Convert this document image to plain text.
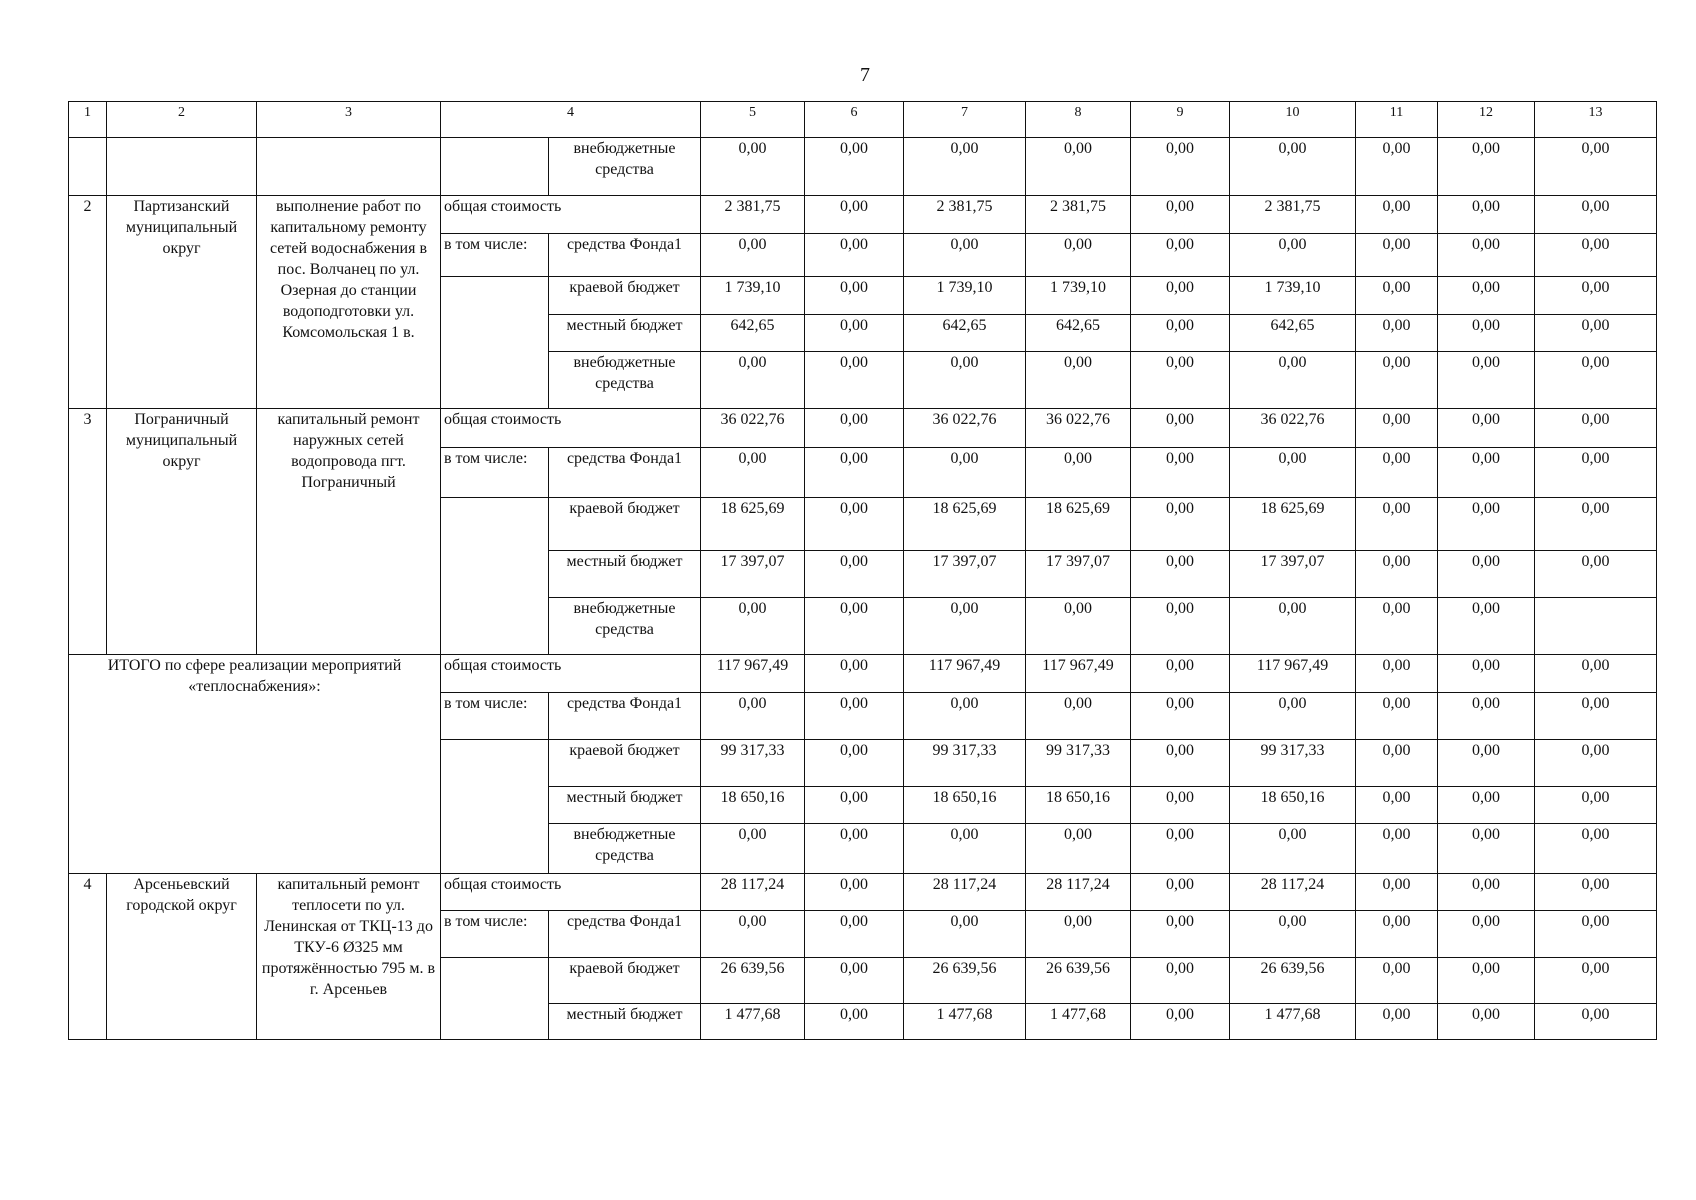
7
1	2	3	4		5	6	7	8	9	10	11	12	13
				внебюджетные средства	0,00	0,00	0,00	0,00	0,00	0,00	0,00	0,00	0,00
2	Партизанский муниципальный округ	выполнение работ по капитальному ремонту сетей водоснабжения в пос. Волчанец по ул. Озерная до станции водоподготовки ул. Комсомольская 1 в.	общая стоимость		2 381,75	0,00	2 381,75	2 381,75	0,00	2 381,75	0,00	0,00	0,00
			в том числе:	средства Фонда1	0,00	0,00	0,00	0,00	0,00	0,00	0,00	0,00	0,00
				краевой бюджет	1 739,10	0,00	1 739,10	1 739,10	0,00	1 739,10	0,00	0,00	0,00
				местный бюджет	642,65	0,00	642,65	642,65	0,00	642,65	0,00	0,00	0,00
				внебюджетные средства	0,00	0,00	0,00	0,00	0,00	0,00	0,00	0,00	0,00
3	Пограничный муниципальный округ	капитальный ремонт наружных сетей водопровода пгт. Пограничный	общая стоимость		36 022,76	0,00	36 022,76	36 022,76	0,00	36 022,76	0,00	0,00	0,00
			в том числе:	средства Фонда1	0,00	0,00	0,00	0,00	0,00	0,00	0,00	0,00	0,00
				краевой бюджет	18 625,69	0,00	18 625,69	18 625,69	0,00	18 625,69	0,00	0,00	0,00
				местный бюджет	17 397,07	0,00	17 397,07	17 397,07	0,00	17 397,07	0,00	0,00	0,00
				внебюджетные средства	0,00	0,00	0,00	0,00	0,00	0,00	0,00	0,00	
ИТОГО по сфере реализации мероприятий «теплоснабжения»:			общая стоимость		117 967,49	0,00	117 967,49	117 967,49	0,00	117 967,49	0,00	0,00	0,00
			в том числе:	средства Фонда1	0,00	0,00	0,00	0,00	0,00	0,00	0,00	0,00	0,00
				краевой бюджет	99 317,33	0,00	99 317,33	99 317,33	0,00	99 317,33	0,00	0,00	0,00
				местный бюджет	18 650,16	0,00	18 650,16	18 650,16	0,00	18 650,16	0,00	0,00	0,00
				внебюджетные средства	0,00	0,00	0,00	0,00	0,00	0,00	0,00	0,00	0,00
4	Арсеньевский городской округ	капитальный ремонт теплосети по ул. Ленинская от ТКЦ-13 до ТКУ-6 Ø325 мм протяжённостью 795 м. в г. Арсеньев	общая стоимость		28 117,24	0,00	28 117,24	28 117,24	0,00	28 117,24	0,00	0,00	0,00
			в том числе:	средства Фонда1	0,00	0,00	0,00	0,00	0,00	0,00	0,00	0,00	0,00
				краевой бюджет	26 639,56	0,00	26 639,56	26 639,56	0,00	26 639,56	0,00	0,00	0,00
				местный бюджет	1 477,68	0,00	1 477,68	1 477,68	0,00	1 477,68	0,00	0,00	0,00
